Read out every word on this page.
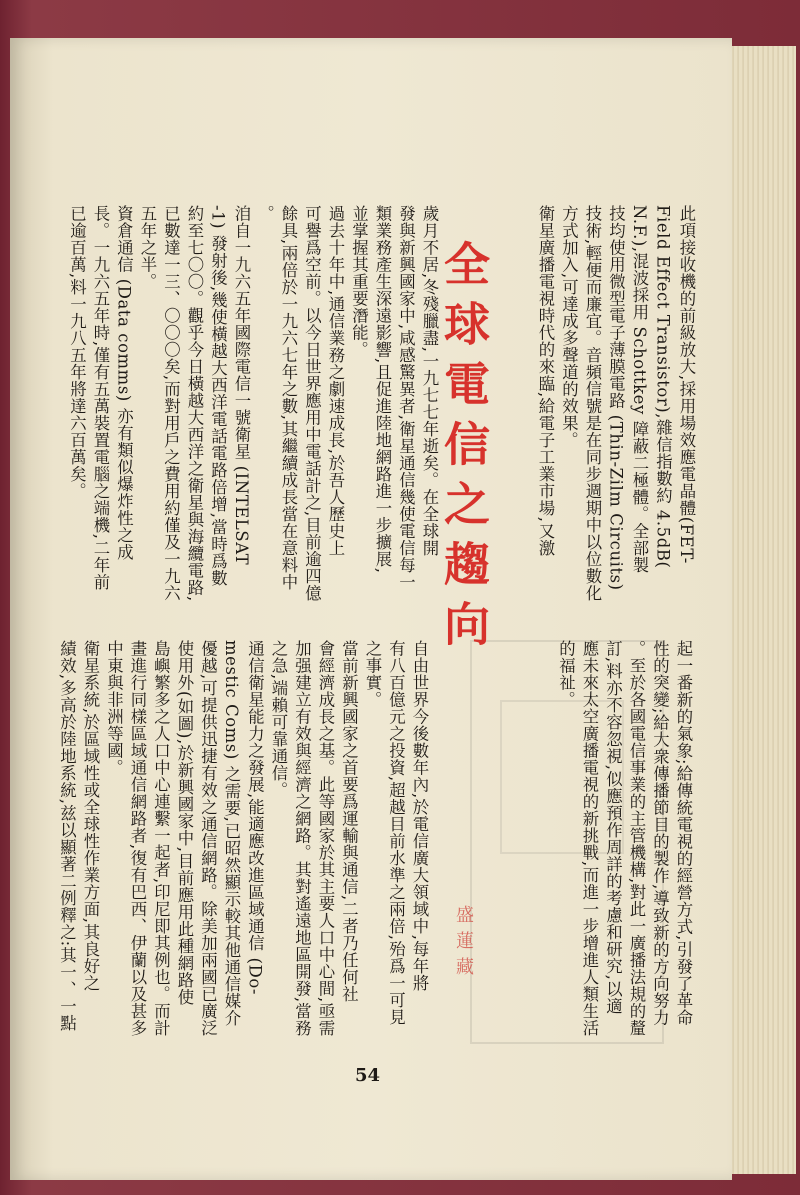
此項接收機的前級放大,採用場效應電晶體(FET-
Field Effect Transistor),雜信指數約 4.5dB(
N.F.),混波採用 Schottkey 障蔽二極體。全部製
技均使用微型電子薄膜電路 (Thin-Zilm Circuits)
技術,輕便而廉宜。音頻信號是在同步週期中以位數化
方式加入,可達成多聲道的效果。
衛星廣播電視時代的來臨,給電子工業市場,又激
全球電信之趨向
歲月不居,冬殘臘盡,一九七七年逝矣。在全球開
發與新興國家中,咸感驚異者,衛星通信幾使電信每一
類業務產生深遠影響,且促進陸地網路進一步擴展,
並掌握其重要潛能。
過去十年中,通信業務之劇速成長,於吾人歷史上
可譽爲空前。以今日世界應用中電話計之,目前逾四億
餘具,兩倍於一九六七年之數,其繼續成長當在意料中
。
洎自一九六五年國際電信一號衛星 (INTELSAT
-1) 發射後,幾使橫越大西洋電話電路倍增,當時爲數
約至七〇〇。觀乎今日橫越大西洋之衛星與海纜電路,
已數達一三、〇〇〇矣,而對用戶之費用約僅及一九六
五年之半。
資倉通信 (Data comms) 亦有類似爆炸性之成
長。一九六五年時,僅有五萬裝置電腦之端機,二年前
已逾百萬,料一九八五年將達六百萬矣。
起一番新的氣象;給傳統電視的經營方式,引發了革命
性的突變;給大衆傳播節目的製作,導致新的方向努力
。至於各國電信事業的主管機構,對此一廣播法規的釐
訂,料亦不容忽視,似應預作周詳的考慮和研究,以適
應未來太空廣播電視的新挑戰,而進一步增進人類生活
的福祉。
自由世界今後數年內,於電信廣大領域中,每年將
有八百億元之投資,超越目前水準之兩倍,殆爲一可見
之事實。
當前新興國家之首要爲運輸與通信,二者乃任何社
會經濟成長之基。此等國家於其主要人口中心間,亟需
加强建立有效與經濟之網路。其對遙遠地區開發,當務
之急,端賴可靠通信。
通信衛星能力之發展,能適應改進區域通信 (Do-
mestic Coms) 之需要,已昭然顯示較其他通信媒介
優越,可提供迅捷有效之通信網路。除美加兩國已廣泛
使用外(如圖),於新興國家中,目前應用此種網路使
島嶼繁多之人口中心連繫一起者,印尼即其例也。而計
畫進行同樣區域通信網路者,復有巴西、伊蘭以及甚多
中東與非洲等國。
衛星系統,於區域性或全球性作業方面,其良好之
績效,多高於陸地系統,兹以顯著二例釋之:其一、一點	盛蓮藏
54
